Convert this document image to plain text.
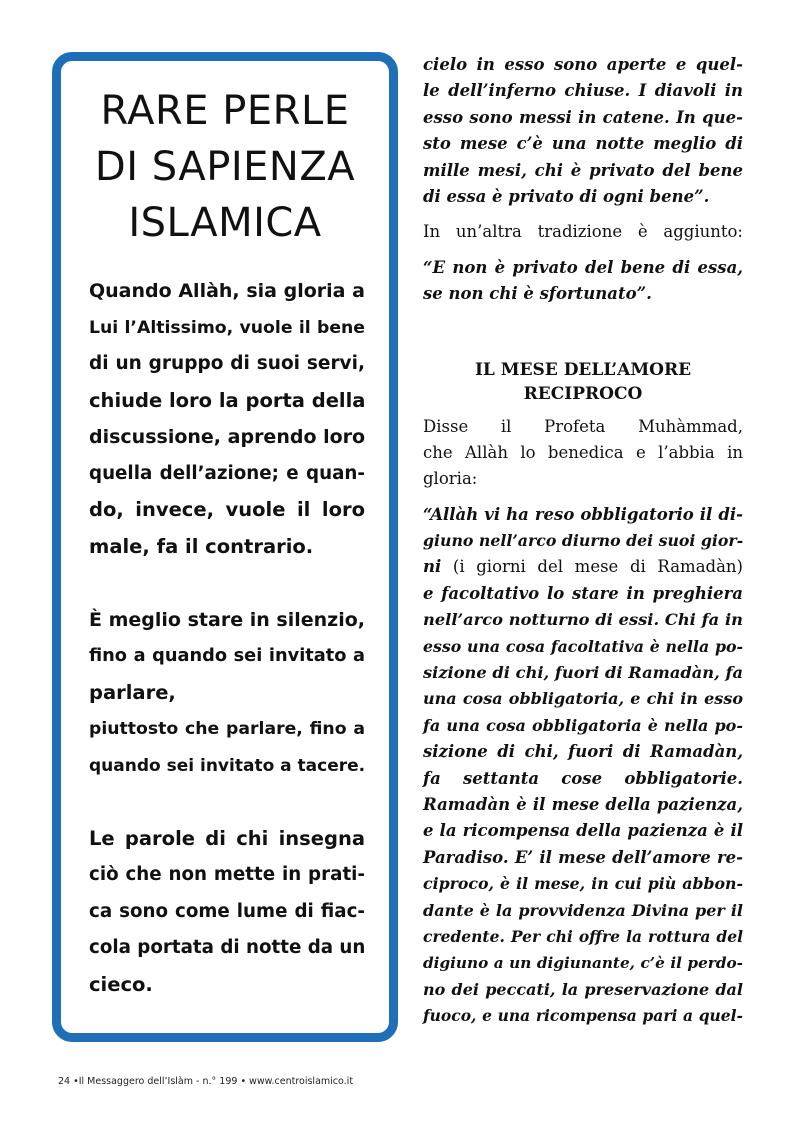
RARE PERLE
DI SAPIENZA
ISLAMICA
Quando Allàh, sia gloria a
Lui l’Altissimo, vuole il bene
di un gruppo di suoi servi,
chiude loro la porta della
discussione, aprendo loro
quella dell’azione; e quan-
do, invece, vuole il loro
male, fa il contrario.
È meglio stare in silenzio,
fino a quando sei invitato a
parlare,
piuttosto che parlare, fino a
quando sei invitato a tacere.
Le parole di chi insegna
ciò che non mette in prati-
ca sono come lume di fiac-
cola portata di notte da un
cieco.
cielo in esso sono aperte e quel-
le dell’inferno chiuse. I diavoli in
esso sono messi in catene. In que-
sto mese c’è una notte meglio di
mille mesi, chi è privato del bene
di essa è privato di ogni bene”.
In un’altra tradizione è aggiunto:
“E non è privato del bene di essa,
se non chi è sfortunato”.
IL MESE DELL’AMORE
RECIPROCO
Disse il Profeta Muhàmmad,
che Allàh lo benedica e l’abbia in
gloria:
“Allàh vi ha reso obbligatorio il di-
giuno nell’arco diurno dei suoi gior-
ni (i giorni del mese di Ramadàn)
e facoltativo lo stare in preghiera
nell’arco notturno di essi. Chi fa in
esso una cosa facoltativa è nella po-
sizione di chi, fuori di Ramadàn, fa
una cosa obbligatoria, e chi in esso
fa una cosa obbligatoria è nella po-
sizione di chi, fuori di Ramadàn,
fa settanta cose obbligatorie.
Ramadàn è il mese della pazienza,
e la ricompensa della pazienza è il
Paradiso. E’ il mese dell’amore re-
ciproco, è il mese, in cui più abbon-
dante è la provvidenza Divina per il
credente. Per chi offre la rottura del
digiuno a un digiunante, c’è il perdo-
no dei peccati, la preservazione dal
fuoco, e una ricompensa pari a quel-
24 •Il Messaggero dell’Islàm - n.° 199 • www.centroislamico.it
